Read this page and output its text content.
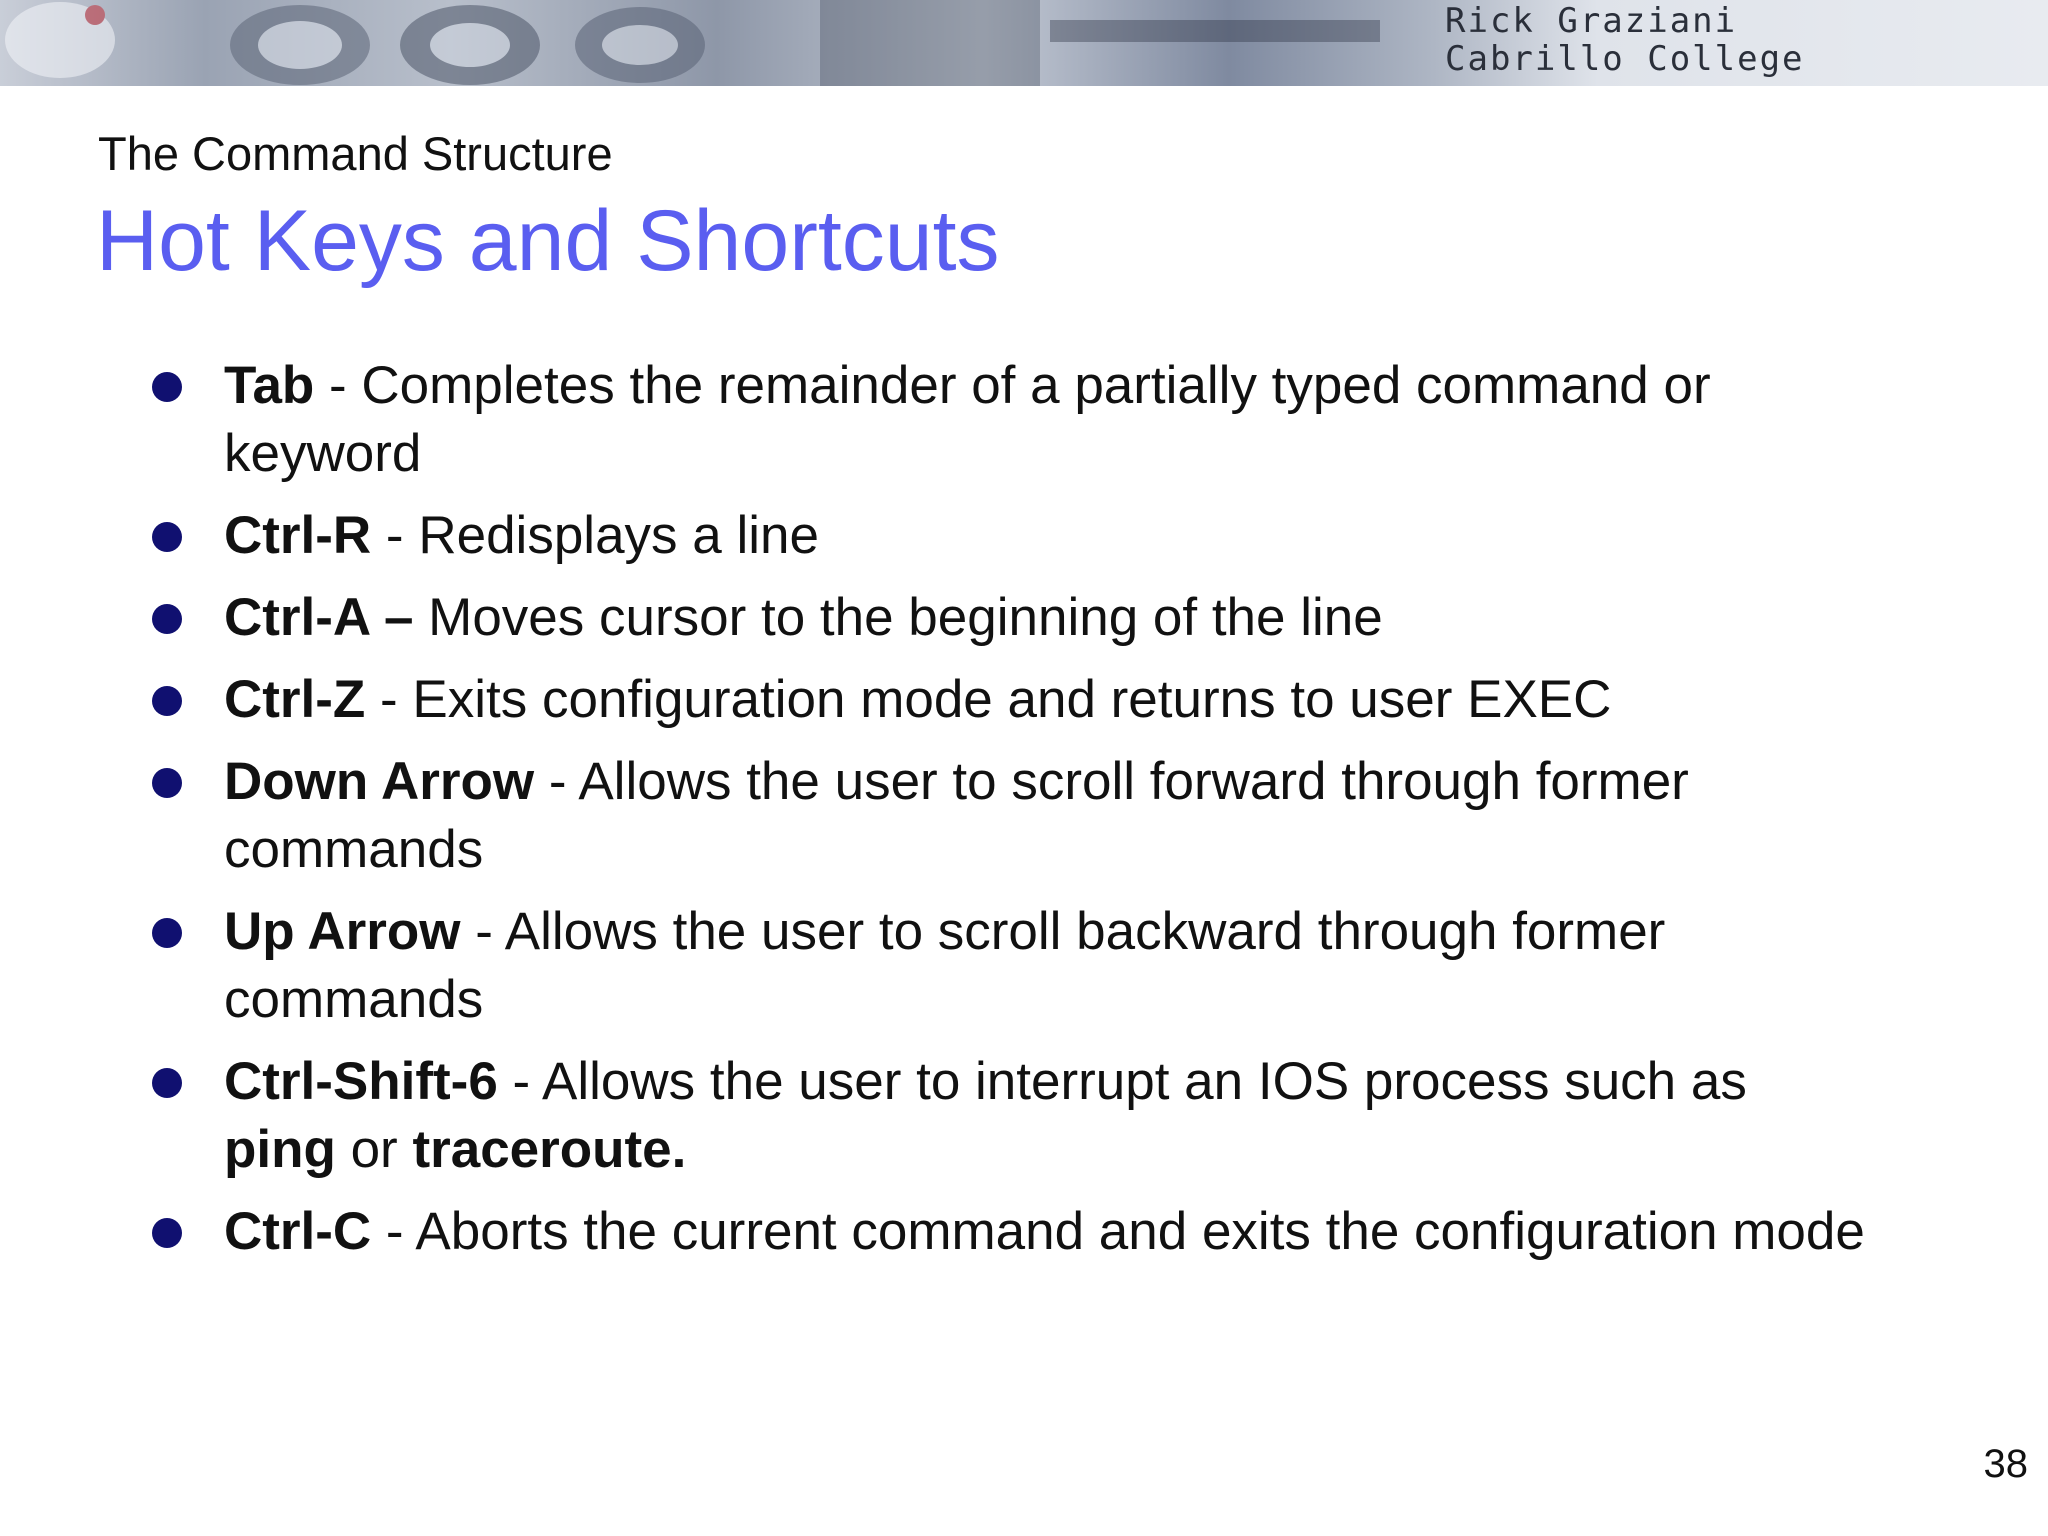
Rick Graziani
Cabrillo College
The Command Structure
Hot Keys and Shortcuts
Tab - Completes the remainder of a partially typed command or keyword
Ctrl-R - Redisplays a line
Ctrl-A – Moves cursor to the beginning of the line
Ctrl-Z - Exits configuration mode and returns to user EXEC
Down Arrow - Allows the user to scroll forward through former commands
Up Arrow - Allows the user to scroll backward through former commands
Ctrl-Shift-6 - Allows the user to interrupt an IOS process such as ping or traceroute.
Ctrl-C - Aborts the current command and exits the configuration mode
38
